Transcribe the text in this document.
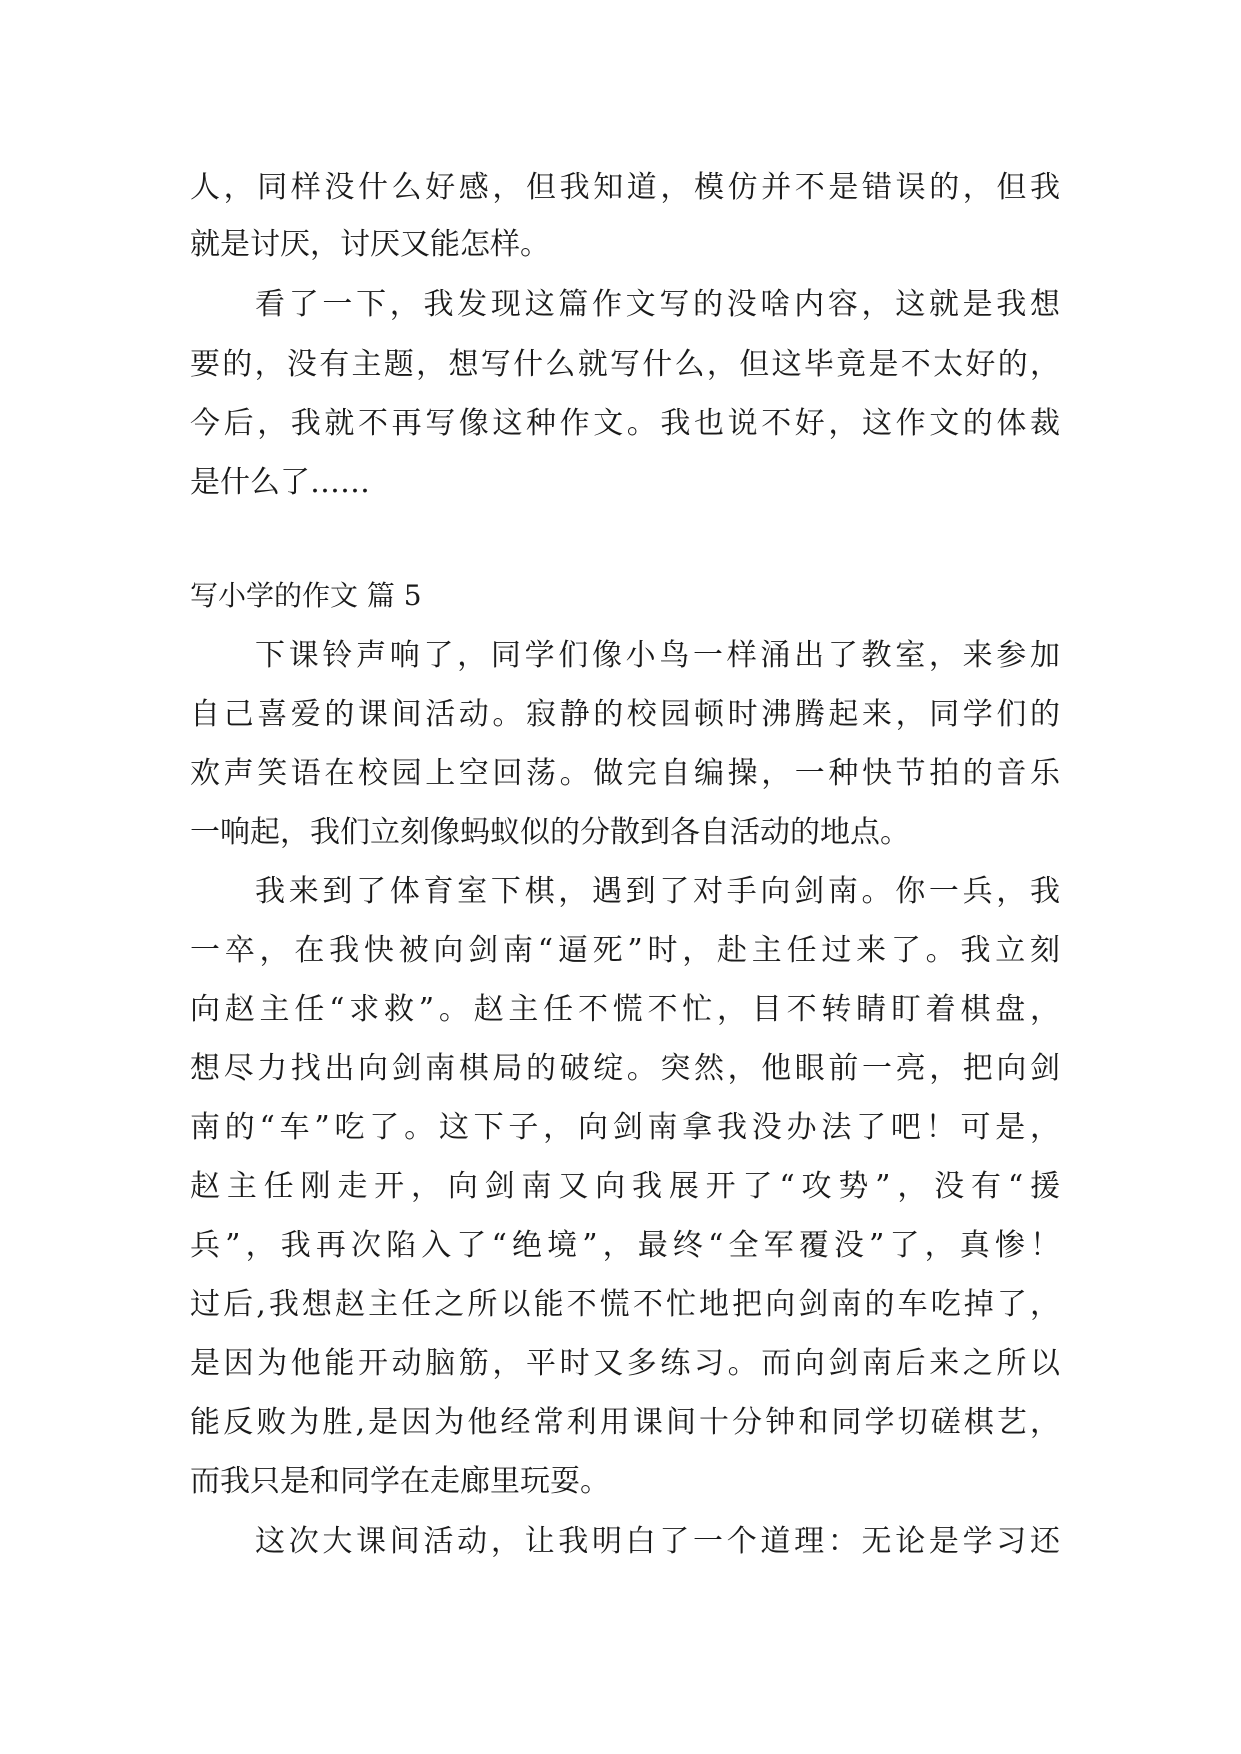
人，同样没什么好感，但我知道，模仿并不是错误的，但我
就是讨厌，讨厌又能怎样。
看了一下，我发现这篇作文写的没啥内容，这就是我想
要的，没有主题，想写什么就写什么，但这毕竟是不太好的，
今后，我就不再写像这种作文。我也说不好，这作文的体裁
是什么了……
写小学的作文 篇 5
下课铃声响了，同学们像小鸟一样涌出了教室，来参加
自己喜爱的课间活动。寂静的校园顿时沸腾起来，同学们的
欢声笑语在校园上空回荡。做完自编操，一种快节拍的音乐
一响起，我们立刻像蚂蚁似的分散到各自活动的地点。
我来到了体育室下棋，遇到了对手向剑南。你一兵，我
一卒，在我快被向剑南“逼死”时，赴主任过来了。我立刻
向赵主任“求救”。赵主任不慌不忙，目不转睛盯着棋盘，
想尽力找出向剑南棋局的破绽。突然，他眼前一亮，把向剑
南的“车”吃了。这下子，向剑南拿我没办法了吧！可是，
赵主任刚走开，向剑南又向我展开了“攻势”，没有“援
兵”，我再次陷入了“绝境”，最终“全军覆没”了，真惨！
过后,我想赵主任之所以能不慌不忙地把向剑南的车吃掉了，
是因为他能开动脑筋，平时又多练习。而向剑南后来之所以
能反败为胜,是因为他经常利用课间十分钟和同学切磋棋艺，
而我只是和同学在走廊里玩耍。
这次大课间活动，让我明白了一个道理：无论是学习还
